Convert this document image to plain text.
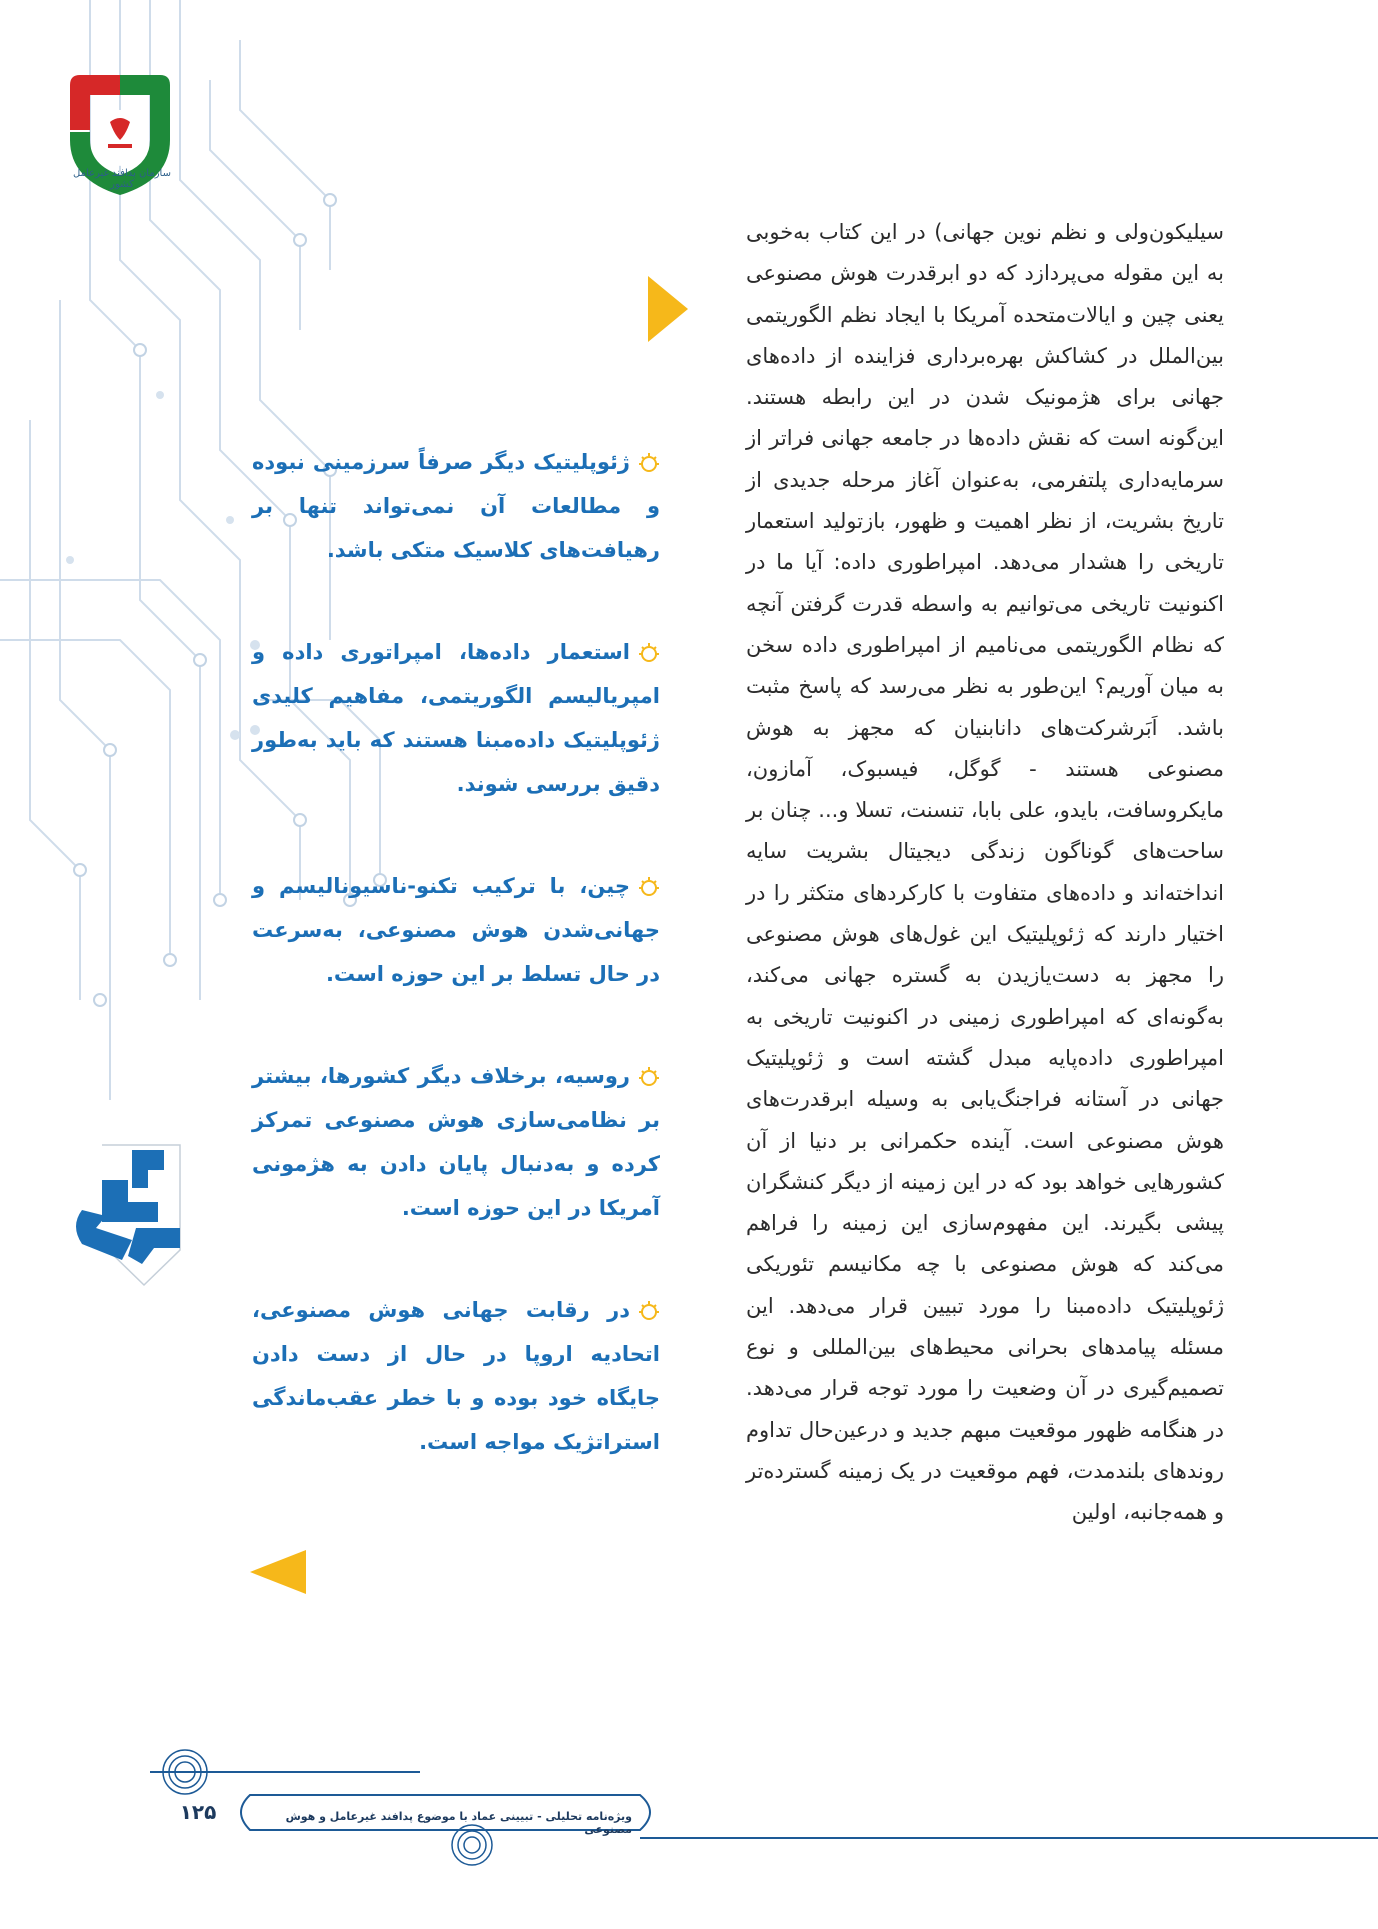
سازمان پدافند غیرعامل کشور

سیلیکون‌ولی و نظم نوین جهانی) در این کتاب به‌خوبی به این مقوله می‌پردازد که دو ابرقدرت هوش مصنوعی یعنی چین و ایالات‌متحده آمریکا با ایجاد نظم الگوریتمی بین‌الملل در کشاکش بهره‌برداری فزاینده از داده‌های جهانی برای هژمونیک شدن در این رابطه هستند. این‌گونه است که نقش داده‌ها در جامعه جهانی فراتر از سرمایه‌داری پلتفرمی، به‌عنوان آغاز مرحله جدیدی از تاریخ بشریت، از نظر اهمیت و ظهور، بازتولید استعمار تاریخی را هشدار می‌دهد. امپراطوری داده: آیا ما در اکنونیت تاریخی می‌توانیم به واسطه قدرت گرفتن آنچه که نظام الگوریتمی می‌نامیم از امپراطوری داده سخن به میان آوریم؟ این‌طور به نظر می‌رسد که پاسخ مثبت باشد. اَبَرشرکت‌های دانابنیان که مجهز به هوش مصنوعی هستند - گوگل، فیسبوک، آمازون، مایکروسافت، بایدو، علی بابا، تنسنت، تسلا و... چنان بر ساحت‌های گوناگون زندگی دیجیتال بشریت سایه انداخته‌اند و داده‌های متفاوت با کارکردهای متکثر را در اختیار دارند که ژئوپلیتیک این غول‌های هوش مصنوعی را مجهز به دست‌یازیدن به گستره جهانی می‌کند، به‌گونه‌ای که امپراطوری زمینی در اکنونیت تاریخی به امپراطوری داده‌پایه مبدل گشته است و ژئوپلیتیک جهانی در آستانه فراجنگ‌یابی به وسیله ابرقدرت‌های هوش مصنوعی است. آینده حکمرانی بر دنیا از آن کشورهایی خواهد بود که در این زمینه از دیگر کنشگران پیشی بگیرند. این مفهوم‌سازی این زمینه را فراهم می‌کند که هوش مصنوعی با چه مکانیسم تئوریکی ژئوپلیتیک داده‌مبنا را مورد تبیین قرار می‌دهد. این مسئله پیامدهای بحرانی محیط‌های بین‌المللی و نوع تصمیم‌گیری در آن وضعیت را مورد توجه قرار می‌دهد. در هنگامه ظهور موقعیت مبهم جدید و درعین‌حال تداوم روندهای بلندمدت، فهم موقعیت در یک زمینه گسترده‌تر و همه‌جانبه، اولین

ژئوپلیتیک دیگر صرفاً سرزمینی نبوده و مطالعات آن نمی‌تواند تنها بر رهیافت‌های کلاسیک متکی باشد.
استعمار داده‌ها، امپراتوری داده و امپریالیسم الگوریتمی، مفاهیم کلیدی ژئوپلیتیک داده‌مبنا هستند که باید به‌طور دقیق بررسی شوند.
چین، با ترکیب تکنو-ناسیونالیسم و جهانی‌شدن هوش مصنوعی، به‌سرعت در حال تسلط بر این حوزه است.
روسیه، برخلاف دیگر کشورها، بیشتر بر نظامی‌سازی هوش مصنوعی تمرکز کرده و به‌دنبال پایان دادن به هژمونی آمریکا در این حوزه است.
در رقابت جهانی هوش مصنوعی، اتحادیه اروپا در حال از دست دادن جایگاه خود بوده و با خطر عقب‌ماندگی استراتژیک مواجه است.
ویژه‌نامه تحلیلی - تبیینی عماد با موضوع پدافند غیرعامل و هوش مصنوعی
۱۲۵
